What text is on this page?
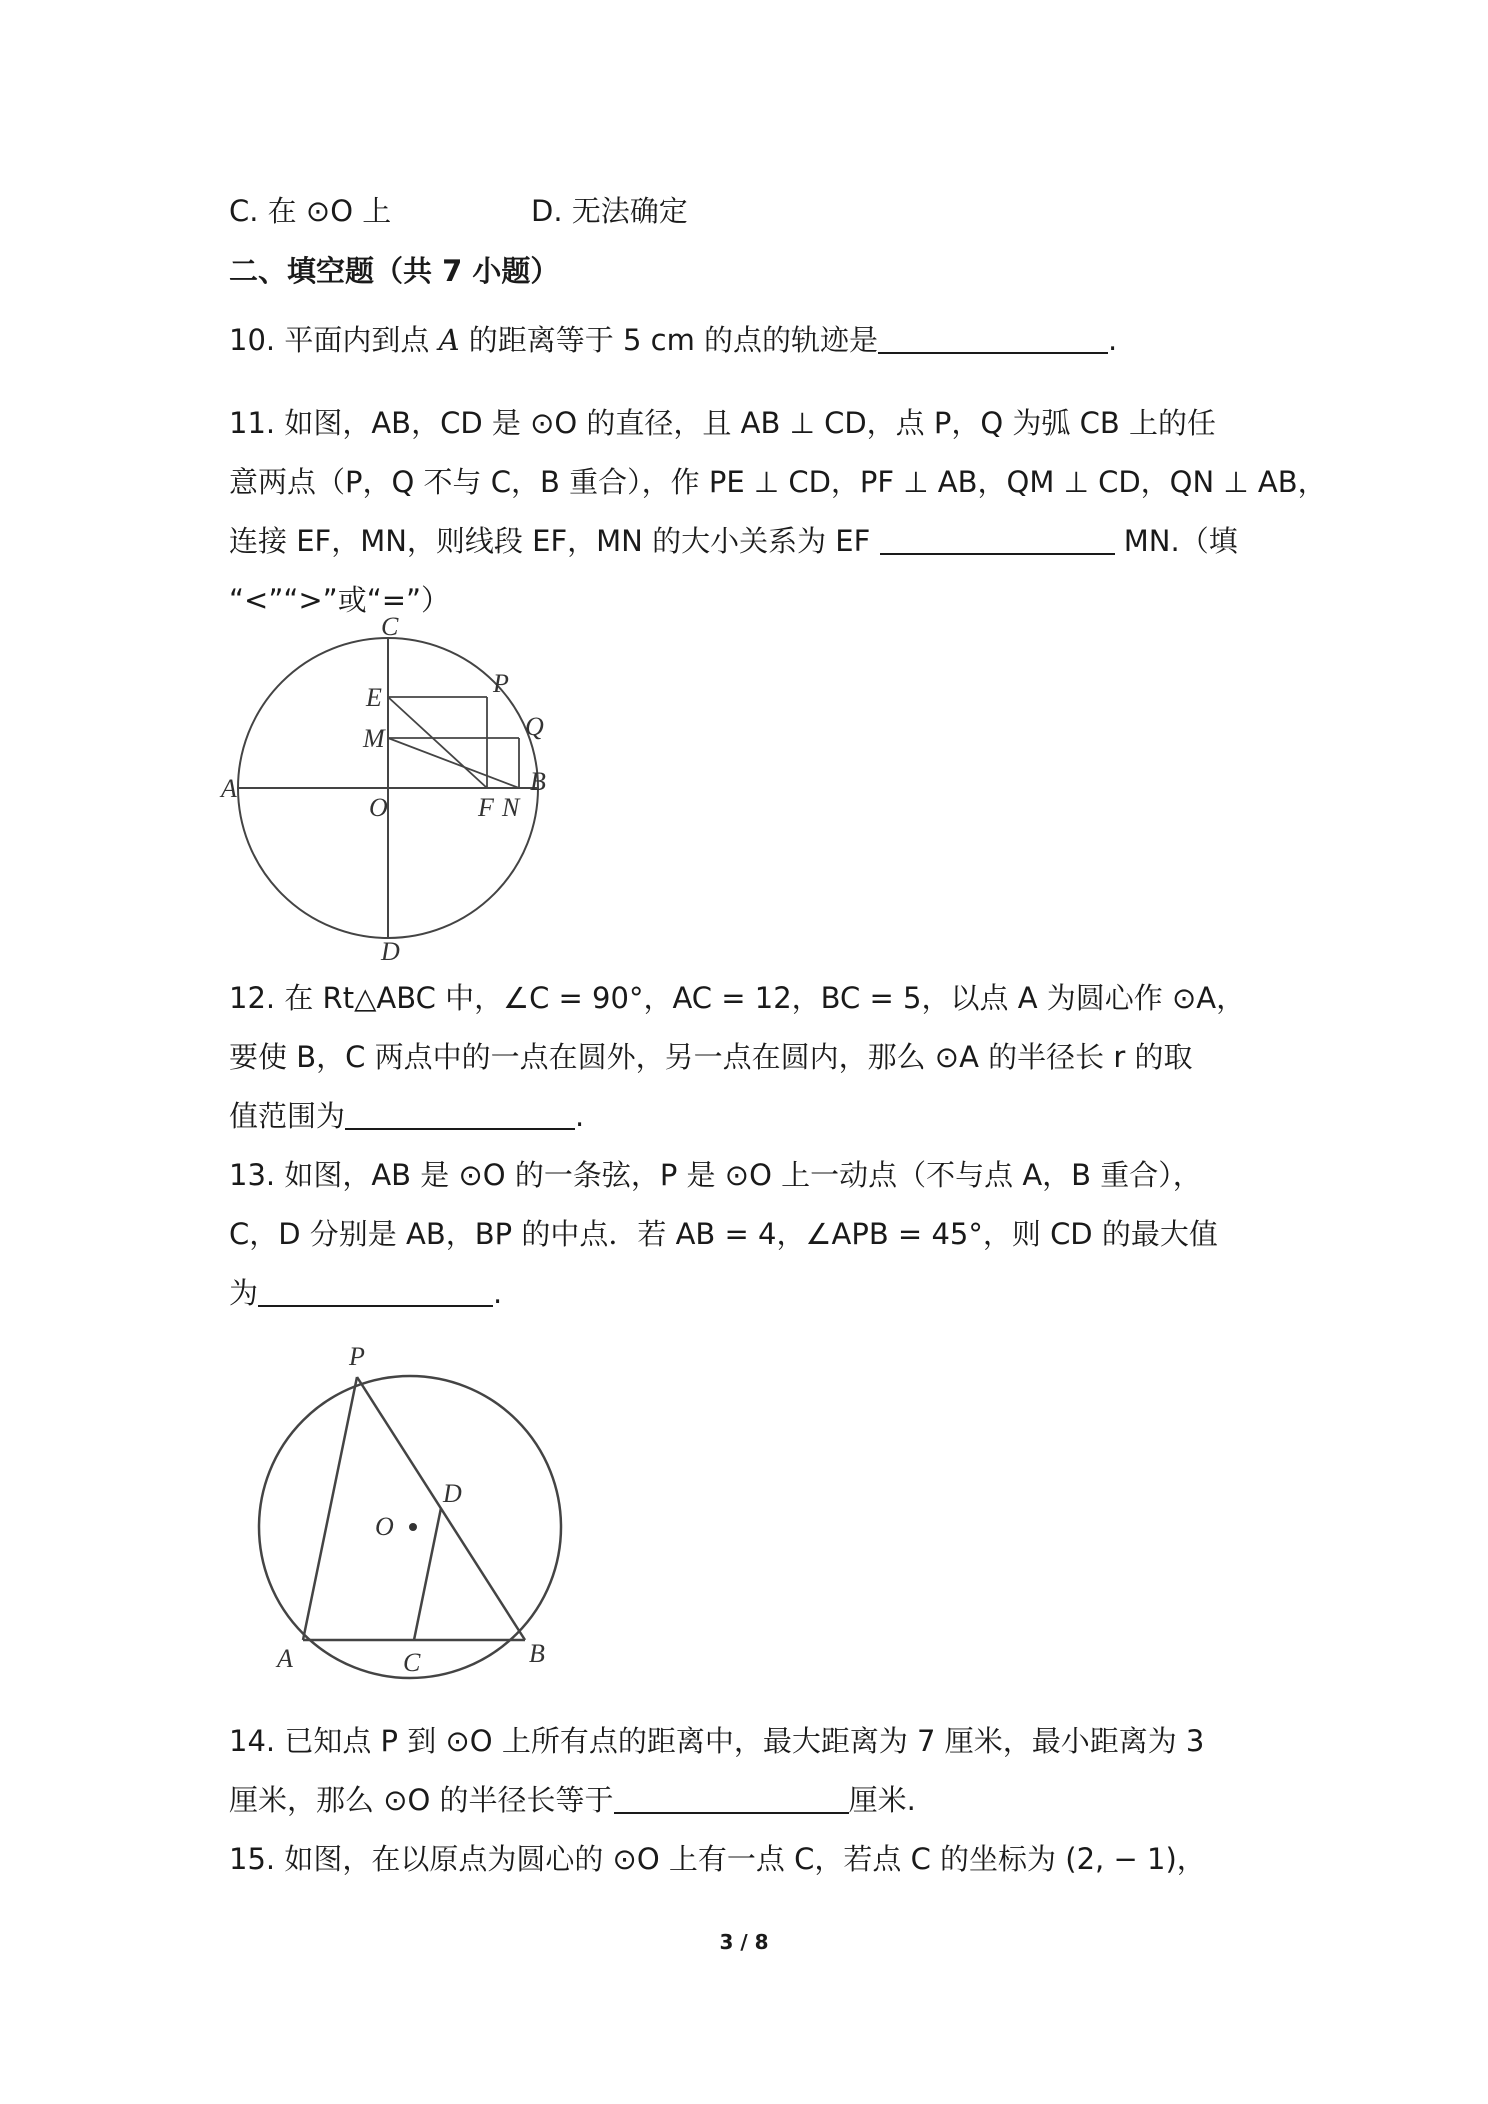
C. 在 ⊙O 上	D. 无法确定
二、填空题（共 7 小题）
10. 平面内到点 A 的距离等于 5 cm 的点的轨迹是	.
11. 如图，AB，CD 是 ⊙O 的直径，且 AB ⊥ CD，点 P，Q 为弧 CB 上的任
意两点（P，Q 不与 C，B 重合），作 PE ⊥ CD，PF ⊥ AB，QM ⊥ CD，QN ⊥ AB，
连接 EF，MN，则线段 EF，MN 的大小关系为 EF	MN.（填
“<”“>”或“=”）
C
P
E
Q
M
A
O	F N
B
D
12. 在 Rt△ABC 中，∠C = 90°，AC = 12，BC = 5，以点 A 为圆心作 ⊙A，
要使 B，C 两点中的一点在圆外，另一点在圆内，那么 ⊙A 的半径长 r 的取
值范围为	.
13. 如图，AB 是 ⊙O 的一条弦，P 是 ⊙O 上一动点（不与点 A，B 重合），
C，D 分别是 AB，BP 的中点．若 AB = 4，∠APB = 45°，则 CD 的最大值
为	.
P
D
O
A	C	B
14. 已知点 P 到 ⊙O 上所有点的距离中，最大距离为 7 厘米，最小距离为 3
厘米，那么 ⊙O 的半径长等于	厘米.
15. 如图，在以原点为圆心的 ⊙O 上有一点 C，若点 C 的坐标为 (2, − 1)，
3 / 8
